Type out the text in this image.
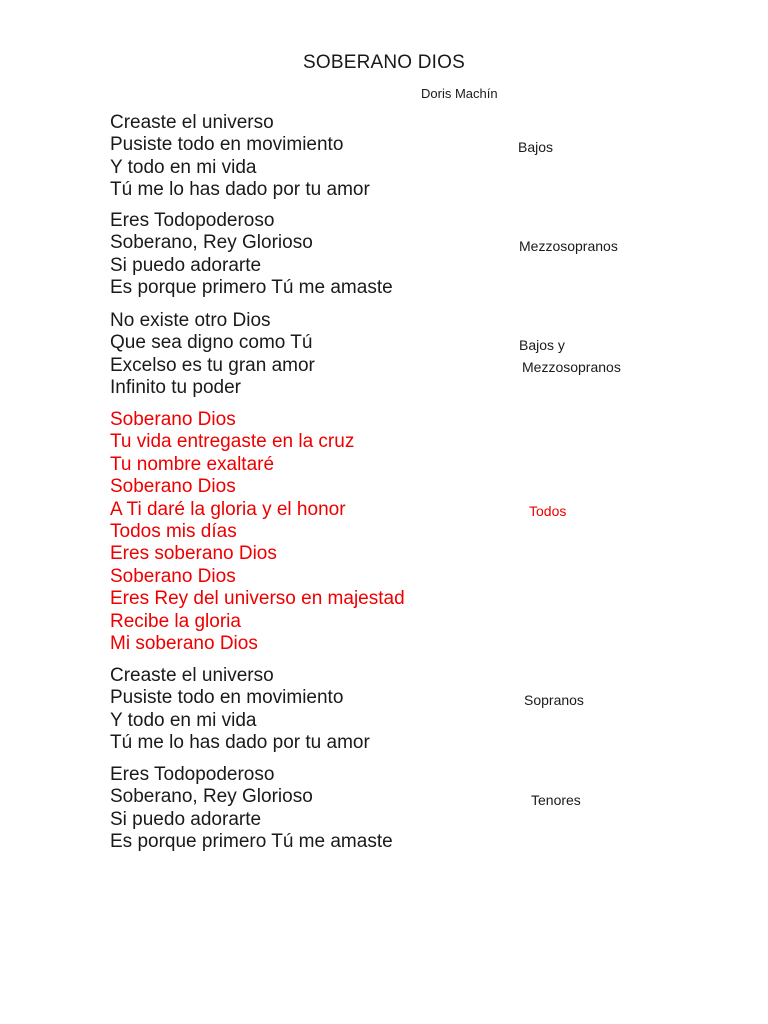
SOBERANO DIOS
Doris Machín
Creaste el universo
Pusiste todo en movimiento
Y todo en mi vida
Tú me lo has dado por tu amor
Bajos
Eres Todopoderoso
Soberano, Rey Glorioso
Si puedo adorarte
Es porque primero Tú me amaste
Mezzosopranos
No existe otro Dios
Que sea digno como Tú
Excelso es tu gran amor
Infinito tu poder
Bajos y
Mezzosopranos
Soberano Dios
Tu vida entregaste en la cruz
Tu nombre exaltaré
Soberano Dios
A Ti daré la gloria y el honor
Todos mis días
Eres soberano Dios
Soberano Dios
Eres Rey del universo en majestad
Recibe la gloria
Mi soberano Dios
Todos
Creaste el universo
Pusiste todo en movimiento
Y todo en mi vida
Tú me lo has dado por tu amor
Sopranos
Eres Todopoderoso
Soberano, Rey Glorioso
Si puedo adorarte
Es porque primero Tú me amaste
Tenores
